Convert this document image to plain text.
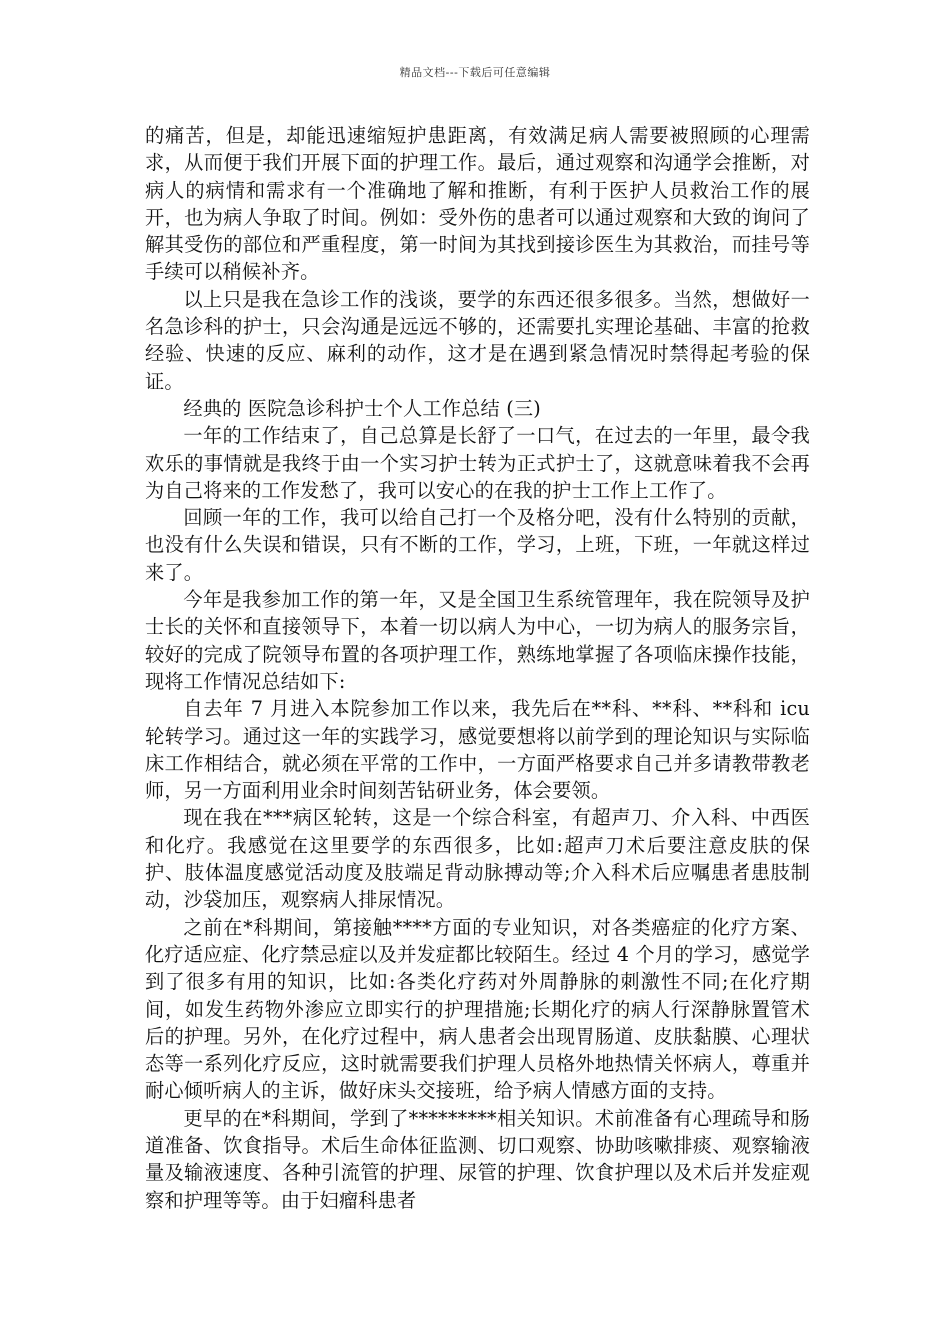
精品文档---下载后可任意编辑

的痛苦，但是，却能迅速缩短护患距离，有效满足病人需要被照顾的心理需求，从而便于我们开展下面的护理工作。最后，通过观察和沟通学会推断，对病人的病情和需求有一个准确地了解和推断，有利于医护人员救治工作的展开，也为病人争取了时间。例如：受外伤的患者可以通过观察和大致的询问了解其受伤的部位和严重程度，第一时间为其找到接诊医生为其救治，而挂号等手续可以稍候补齐。

以上只是我在急诊工作的浅谈，要学的东西还很多很多。当然，想做好一名急诊科的护士，只会沟通是远远不够的，还需要扎实理论基础、丰富的抢救经验、快速的反应、麻利的动作，这才是在遇到紧急情况时禁得起考验的保证。

经典的 医院急诊科护士个人工作总结 (三)

一年的工作结束了，自己总算是长舒了一口气，在过去的一年里，最令我欢乐的事情就是我终于由一个实习护士转为正式护士了，这就意味着我不会再为自己将来的工作发愁了，我可以安心的在我的护士工作上工作了。

回顾一年的工作，我可以给自己打一个及格分吧，没有什么特别的贡献，也没有什么失误和错误，只有不断的工作，学习，上班，下班，一年就这样过来了。

今年是我参加工作的第一年，又是全国卫生系统管理年，我在院领导及护士长的关怀和直接领导下，本着一切以病人为中心，一切为病人的服务宗旨，较好的完成了院领导布置的各项护理工作，熟练地掌握了各项临床操作技能，现将工作情况总结如下:

自去年 7 月进入本院参加工作以来，我先后在**科、**科、**科和 icu 轮转学习。通过这一年的实践学习，感觉要想将以前学到的理论知识与实际临床工作相结合，就必须在平常的工作中，一方面严格要求自己并多请教带教老师，另一方面利用业余时间刻苦钻研业务，体会要领。

现在我在***病区轮转，这是一个综合科室，有超声刀、介入科、中西医和化疗。我感觉在这里要学的东西很多，比如:超声刀术后要注意皮肤的保护、肢体温度感觉活动度及肢端足背动脉搏动等;介入科术后应嘱患者患肢制动，沙袋加压，观察病人排尿情况。

之前在*科期间，第接触****方面的专业知识，对各类癌症的化疗方案、化疗适应症、化疗禁忌症以及并发症都比较陌生。经过 4 个月的学习，感觉学到了很多有用的知识，比如:各类化疗药对外周静脉的刺激性不同;在化疗期间，如发生药物外渗应立即实行的护理措施;长期化疗的病人行深静脉置管术后的护理。另外，在化疗过程中，病人患者会出现胃肠道、皮肤黏膜、心理状态等一系列化疗反应，这时就需要我们护理人员格外地热情关怀病人，尊重并耐心倾听病人的主诉，做好床头交接班，给予病人情感方面的支持。

更早的在*科期间，学到了*********相关知识。术前准备有心理疏导和肠道准备、饮食指导。术后生命体征监测、切口观察、协助咳嗽排痰、观察输液量及输液速度、各种引流管的护理、尿管的护理、饮食护理以及术后并发症观察和护理等等。由于妇瘤科患者
